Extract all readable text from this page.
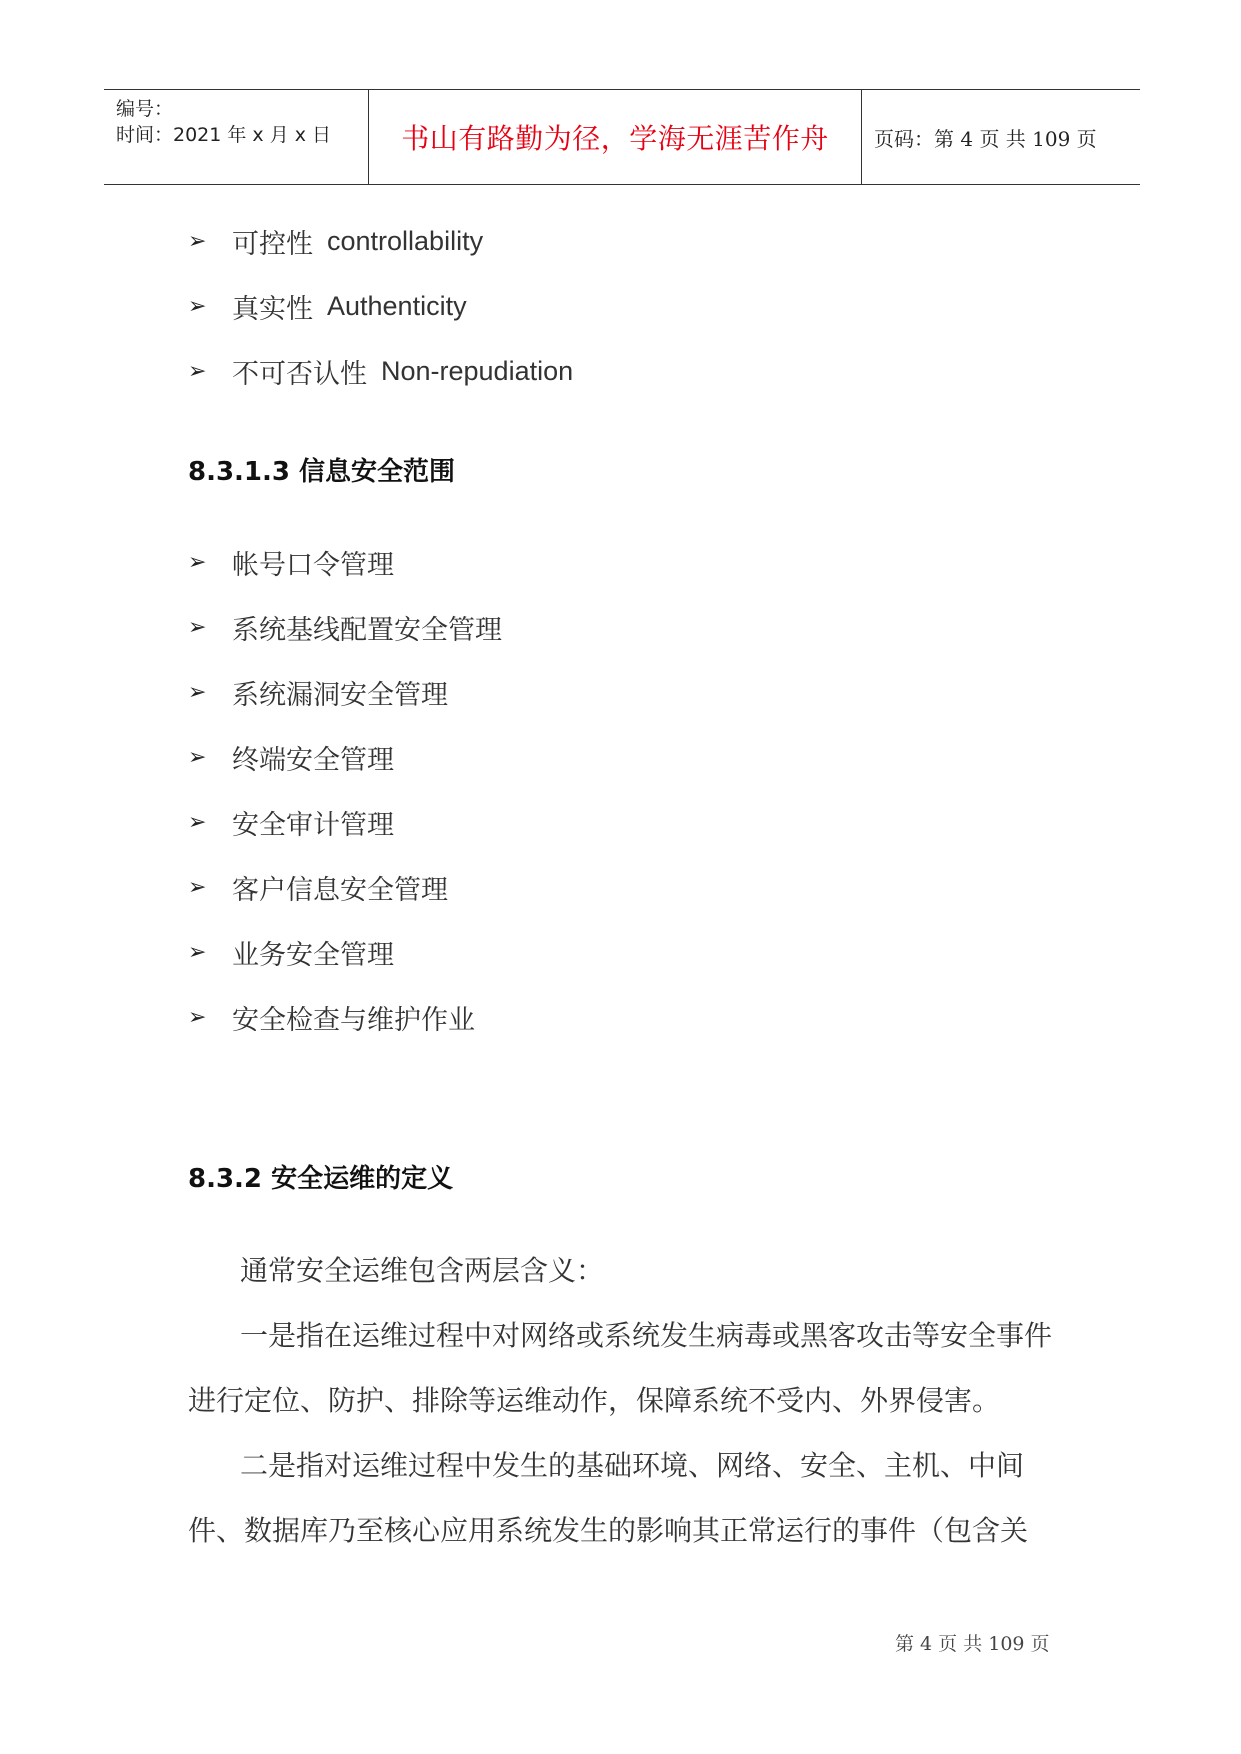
编号：
时间：2021 年 x 月 x 日	书山有路勤为径，学海无涯苦作舟 页码：第 4 页 共 109 页
➢ 可控性 controllability
➢ 真实性 Authenticity
➢ 不可否认性 Non-repudiation
8.3.1.3 信息安全范围
➢ 帐号口令管理
➢ 系统基线配置安全管理
➢ 系统漏洞安全管理
➢ 终端安全管理
➢ 安全审计管理
➢ 客户信息安全管理
➢ 业务安全管理
➢ 安全检查与维护作业
8.3.2 安全运维的定义
通常安全运维包含两层含义：
一是指在运维过程中对网络或系统发生病毒或黑客攻击等安全事件进行定位、防护、排除等运维动作，保障系统不受内、外界侵害。
二是指对运维过程中发生的基础环境、网络、安全、主机、中间件、数据库乃至核心应用系统发生的影响其正常运行的事件（包含关
第 4 页 共 109 页
